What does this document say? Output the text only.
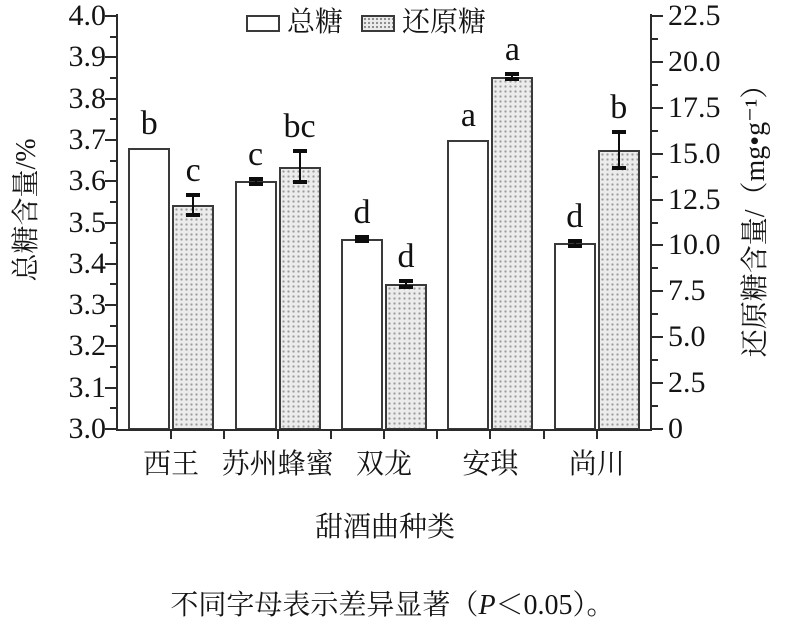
4.0
3.9
3.8
3.7
3.6
3.5
3.4
3.3
3.2
3.1
3.0
22.5
20.0
17.5
15.0
12.5
10.0
7.5
5.0
2.5
0
西王 苏州蜂蜜 双龙	安琪	尚川
b
c
d
a
d
c
bc
d
a
b
总糖 还原糖
总糖含量/%	还原糖含量/（mg•g⁻¹）
甜酒曲种类
不同字母表示差异显著（P＜0.05）。
